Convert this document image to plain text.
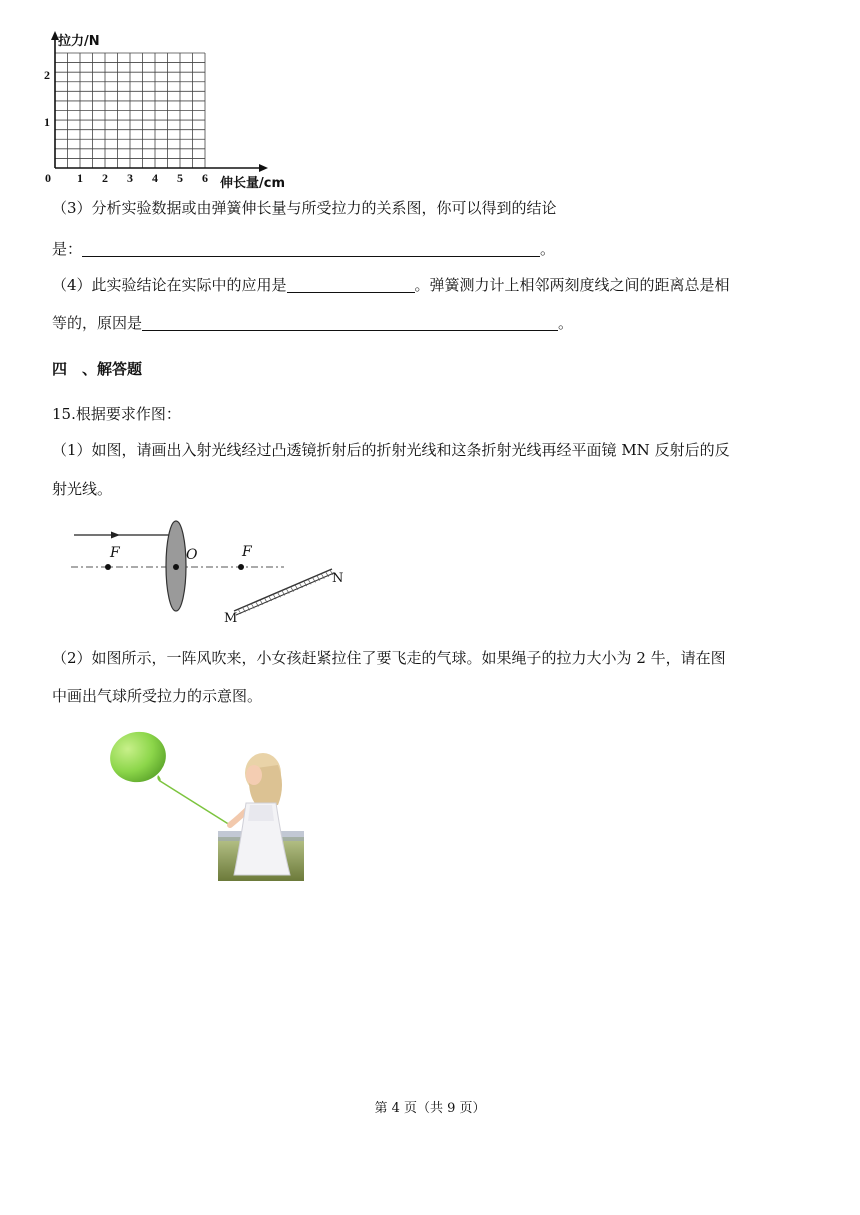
拉力/N
伸长量/cm
0 1 2 3 4 5 6
1
2
（3）分析实验数据或由弹簧伸长量与所受拉力的关系图，你可以得到的结论
是：	。
（4）此实验结论在实际中的应用是	。弹簧测力计上相邻两刻度线之间的距离总是相
等的，原因是	。
四　、解答题
15.根据要求作图：
（1）如图，请画出入射光线经过凸透镜折射后的折射光线和这条折射光线再经平面镜 MN 反射后的反
射光线。
F	O	F
M
N
（2）如图所示，一阵风吹来，小女孩赶紧拉住了要飞走的气球。如果绳子的拉力大小为 2 牛，请在图
中画出气球所受拉力的示意图。
第 4 页（共 9 页）
